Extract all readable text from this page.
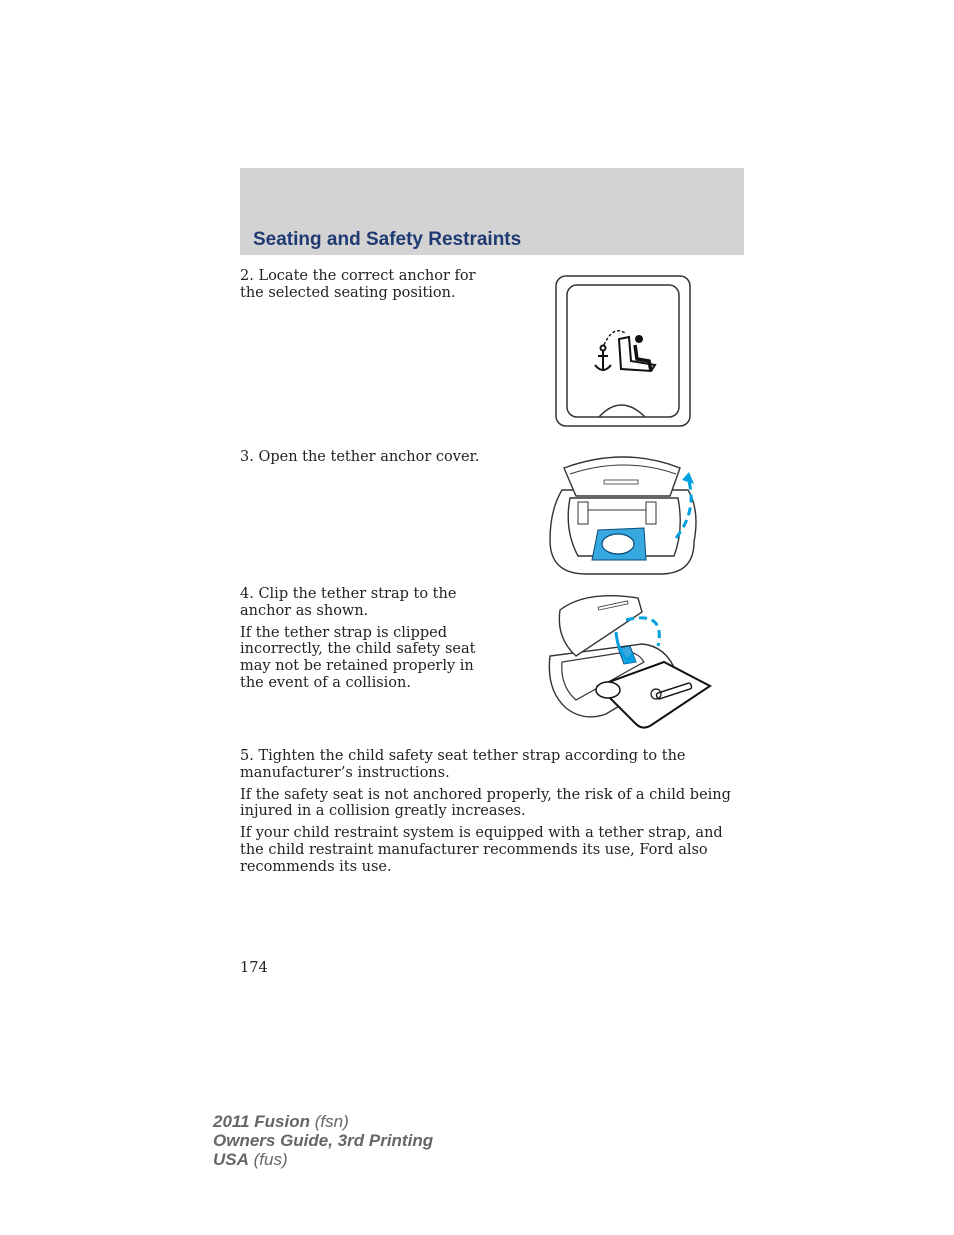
Seating and Safety Restraints

2. Locate the correct anchor for the selected seating position.

3. Open the tether anchor cover.

4. Clip the tether strap to the anchor as shown.

If the tether strap is clipped incorrectly, the child safety seat may not be retained properly in the event of a collision.

5. Tighten the child safety seat tether strap according to the manufacturer’s instructions.

If the safety seat is not anchored properly, the risk of a child being injured in a collision greatly increases.

If your child restraint system is equipped with a tether strap, and the child restraint manufacturer recommends its use, Ford also recommends its use.

174
2011 Fusion (fsn)
Owners Guide, 3rd Printing
USA (fus)
